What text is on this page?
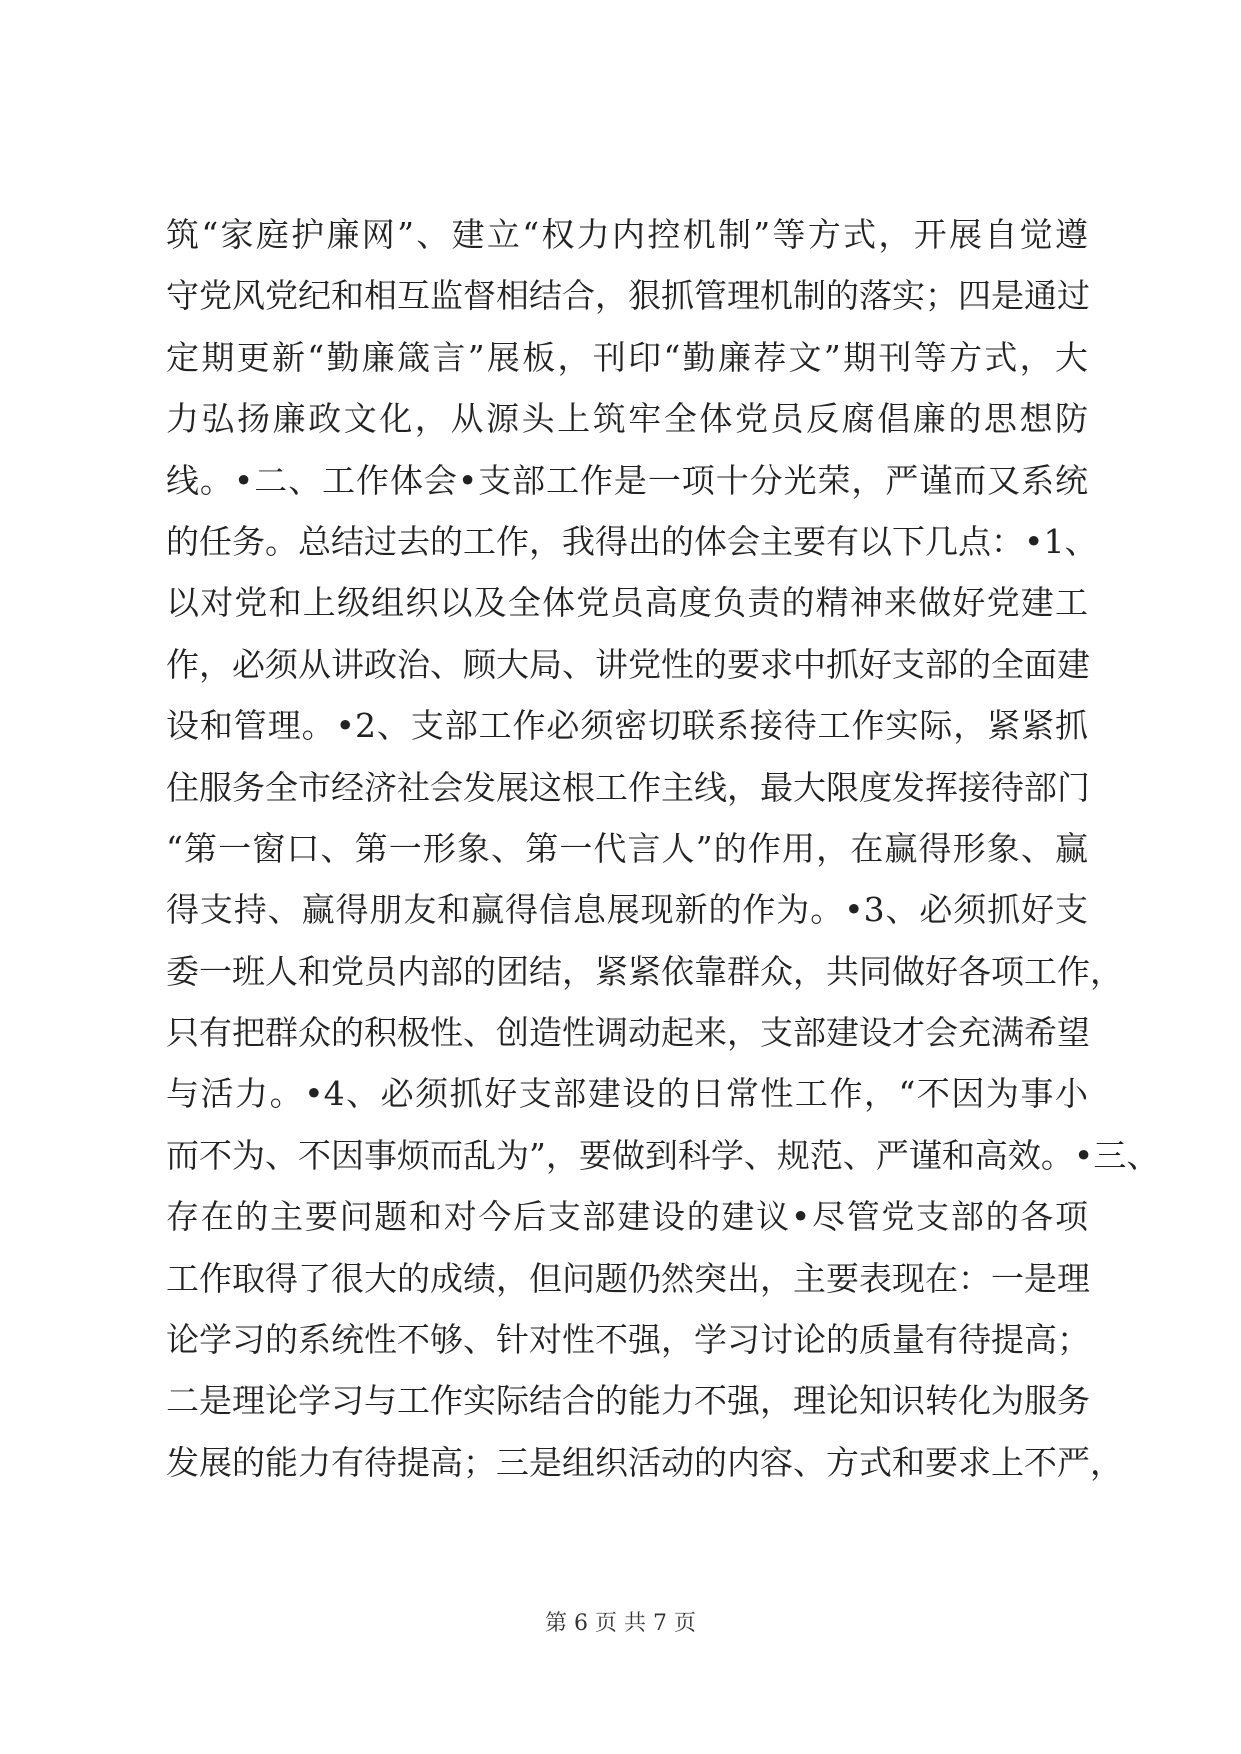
筑“家庭护廉网”、建立“权力内控机制”等方式，开展自觉遵
守党风党纪和相互监督相结合，狠抓管理机制的落实；四是通过
定期更新“勤廉箴言”展板，刊印“勤廉荐文”期刊等方式，大
力弘扬廉政文化，从源头上筑牢全体党员反腐倡廉的思想防
线。•二、工作体会•支部工作是一项十分光荣，严谨而又系统
的任务。总结过去的工作，我得出的体会主要有以下几点：•1、
以对党和上级组织以及全体党员高度负责的精神来做好党建工
作，必须从讲政治、顾大局、讲党性的要求中抓好支部的全面建
设和管理。•2、支部工作必须密切联系接待工作实际，紧紧抓
住服务全市经济社会发展这根工作主线，最大限度发挥接待部门
“第一窗口、第一形象、第一代言人”的作用，在赢得形象、赢
得支持、赢得朋友和赢得信息展现新的作为。•3、必须抓好支
委一班人和党员内部的团结，紧紧依靠群众，共同做好各项工作，
只有把群众的积极性、创造性调动起来，支部建设才会充满希望
与活力。•4、必须抓好支部建设的日常性工作，“不因为事小
而不为、不因事烦而乱为”，要做到科学、规范、严谨和高效。•三、
存在的主要问题和对今后支部建设的建议•尽管党支部的各项
工作取得了很大的成绩，但问题仍然突出，主要表现在：一是理
论学习的系统性不够、针对性不强，学习讨论的质量有待提高；
二是理论学习与工作实际结合的能力不强，理论知识转化为服务
发展的能力有待提高；三是组织活动的内容、方式和要求上不严，
第 6 页 共 7 页
